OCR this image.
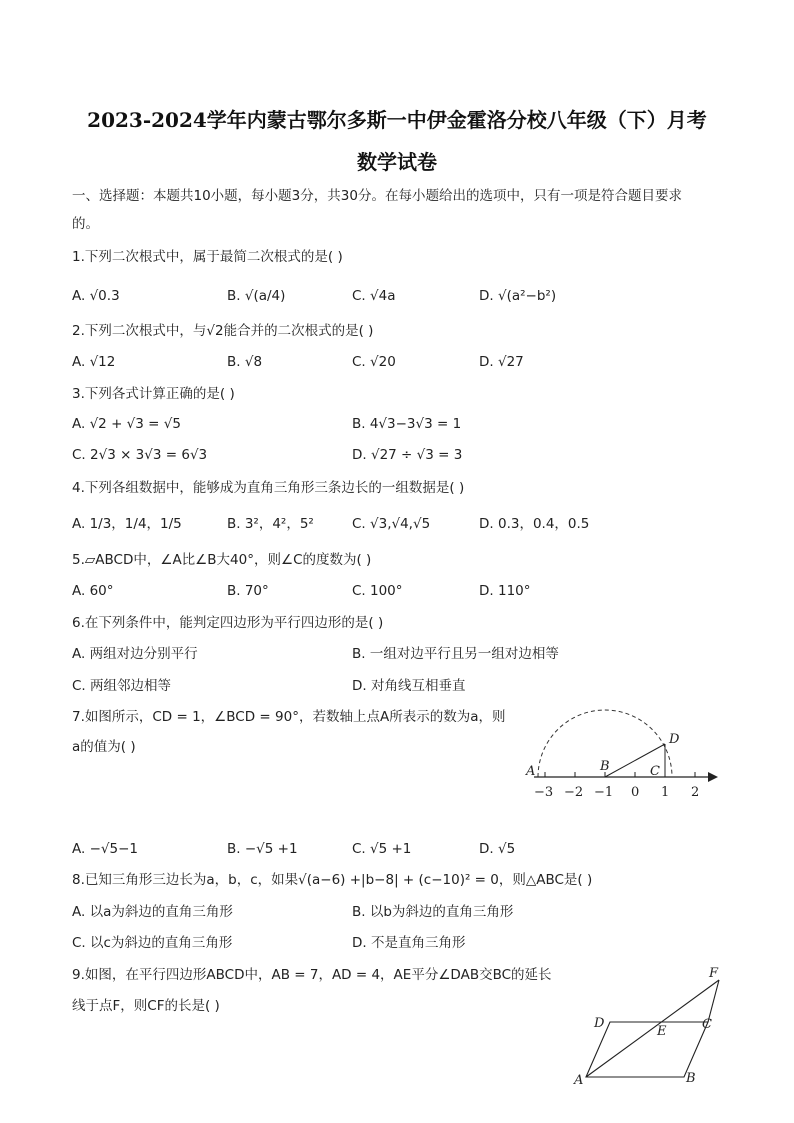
2023-2024学年内蒙古鄂尔多斯一中伊金霍洛分校八年级（下）月考
数学试卷
一、选择题：本题共10小题，每小题3分，共30分。在每小题给出的选项中，只有一项是符合题目要求
的。
1.下列二次根式中，属于最简二次根式的是( )
A. √0.3	B. √(a/4)	C. √4a	D. √(a²−b²)
2.下列二次根式中，与√2能合并的二次根式的是( )
A. √12	B. √8	C. √20	D. √27
3.下列各式计算正确的是( )
A. √2 + √3 = √5	B. 4√3−3√3 = 1
C. 2√3 × 3√3 = 6√3	D. √27 ÷ √3 = 3
4.下列各组数据中，能够成为直角三角形三条边长的一组数据是( )
A. 1/3，1/4，1/5	B. 3²，4²，5²	C. √3,√4,√5	D. 0.3，0.4，0.5
5.▱ABCD中，∠A比∠B大40°，则∠C的度数为( )
A. 60°	B. 70°	C. 100°	D. 110°
6.在下列条件中，能判定四边形为平行四边形的是( )
A. 两组对边分别平行	B. 一组对边平行且另一组对边相等
C. 两组邻边相等	D. 对角线互相垂直
7.如图所示，CD = 1，∠BCD = 90°，若数轴上点A所表示的数为a，则
a的值为( )
A	B	C
D
−3 −2 −1 0 1 2
A. −√5−1	B. −√5 +1	C. √5 +1	D. √5
8.已知三角形三边长为a，b，c，如果√(a−6) +|b−8| + (c−10)² = 0，则△ABC是( )
A. 以a为斜边的直角三角形	B. 以b为斜边的直角三角形
C. 以c为斜边的直角三角形	D. 不是直角三角形
9.如图，在平行四边形ABCD中，AB = 7，AD = 4，AE平分∠DAB交BC的延长
线于点F，则CF的长是( )
A	B
C
D
E
F
